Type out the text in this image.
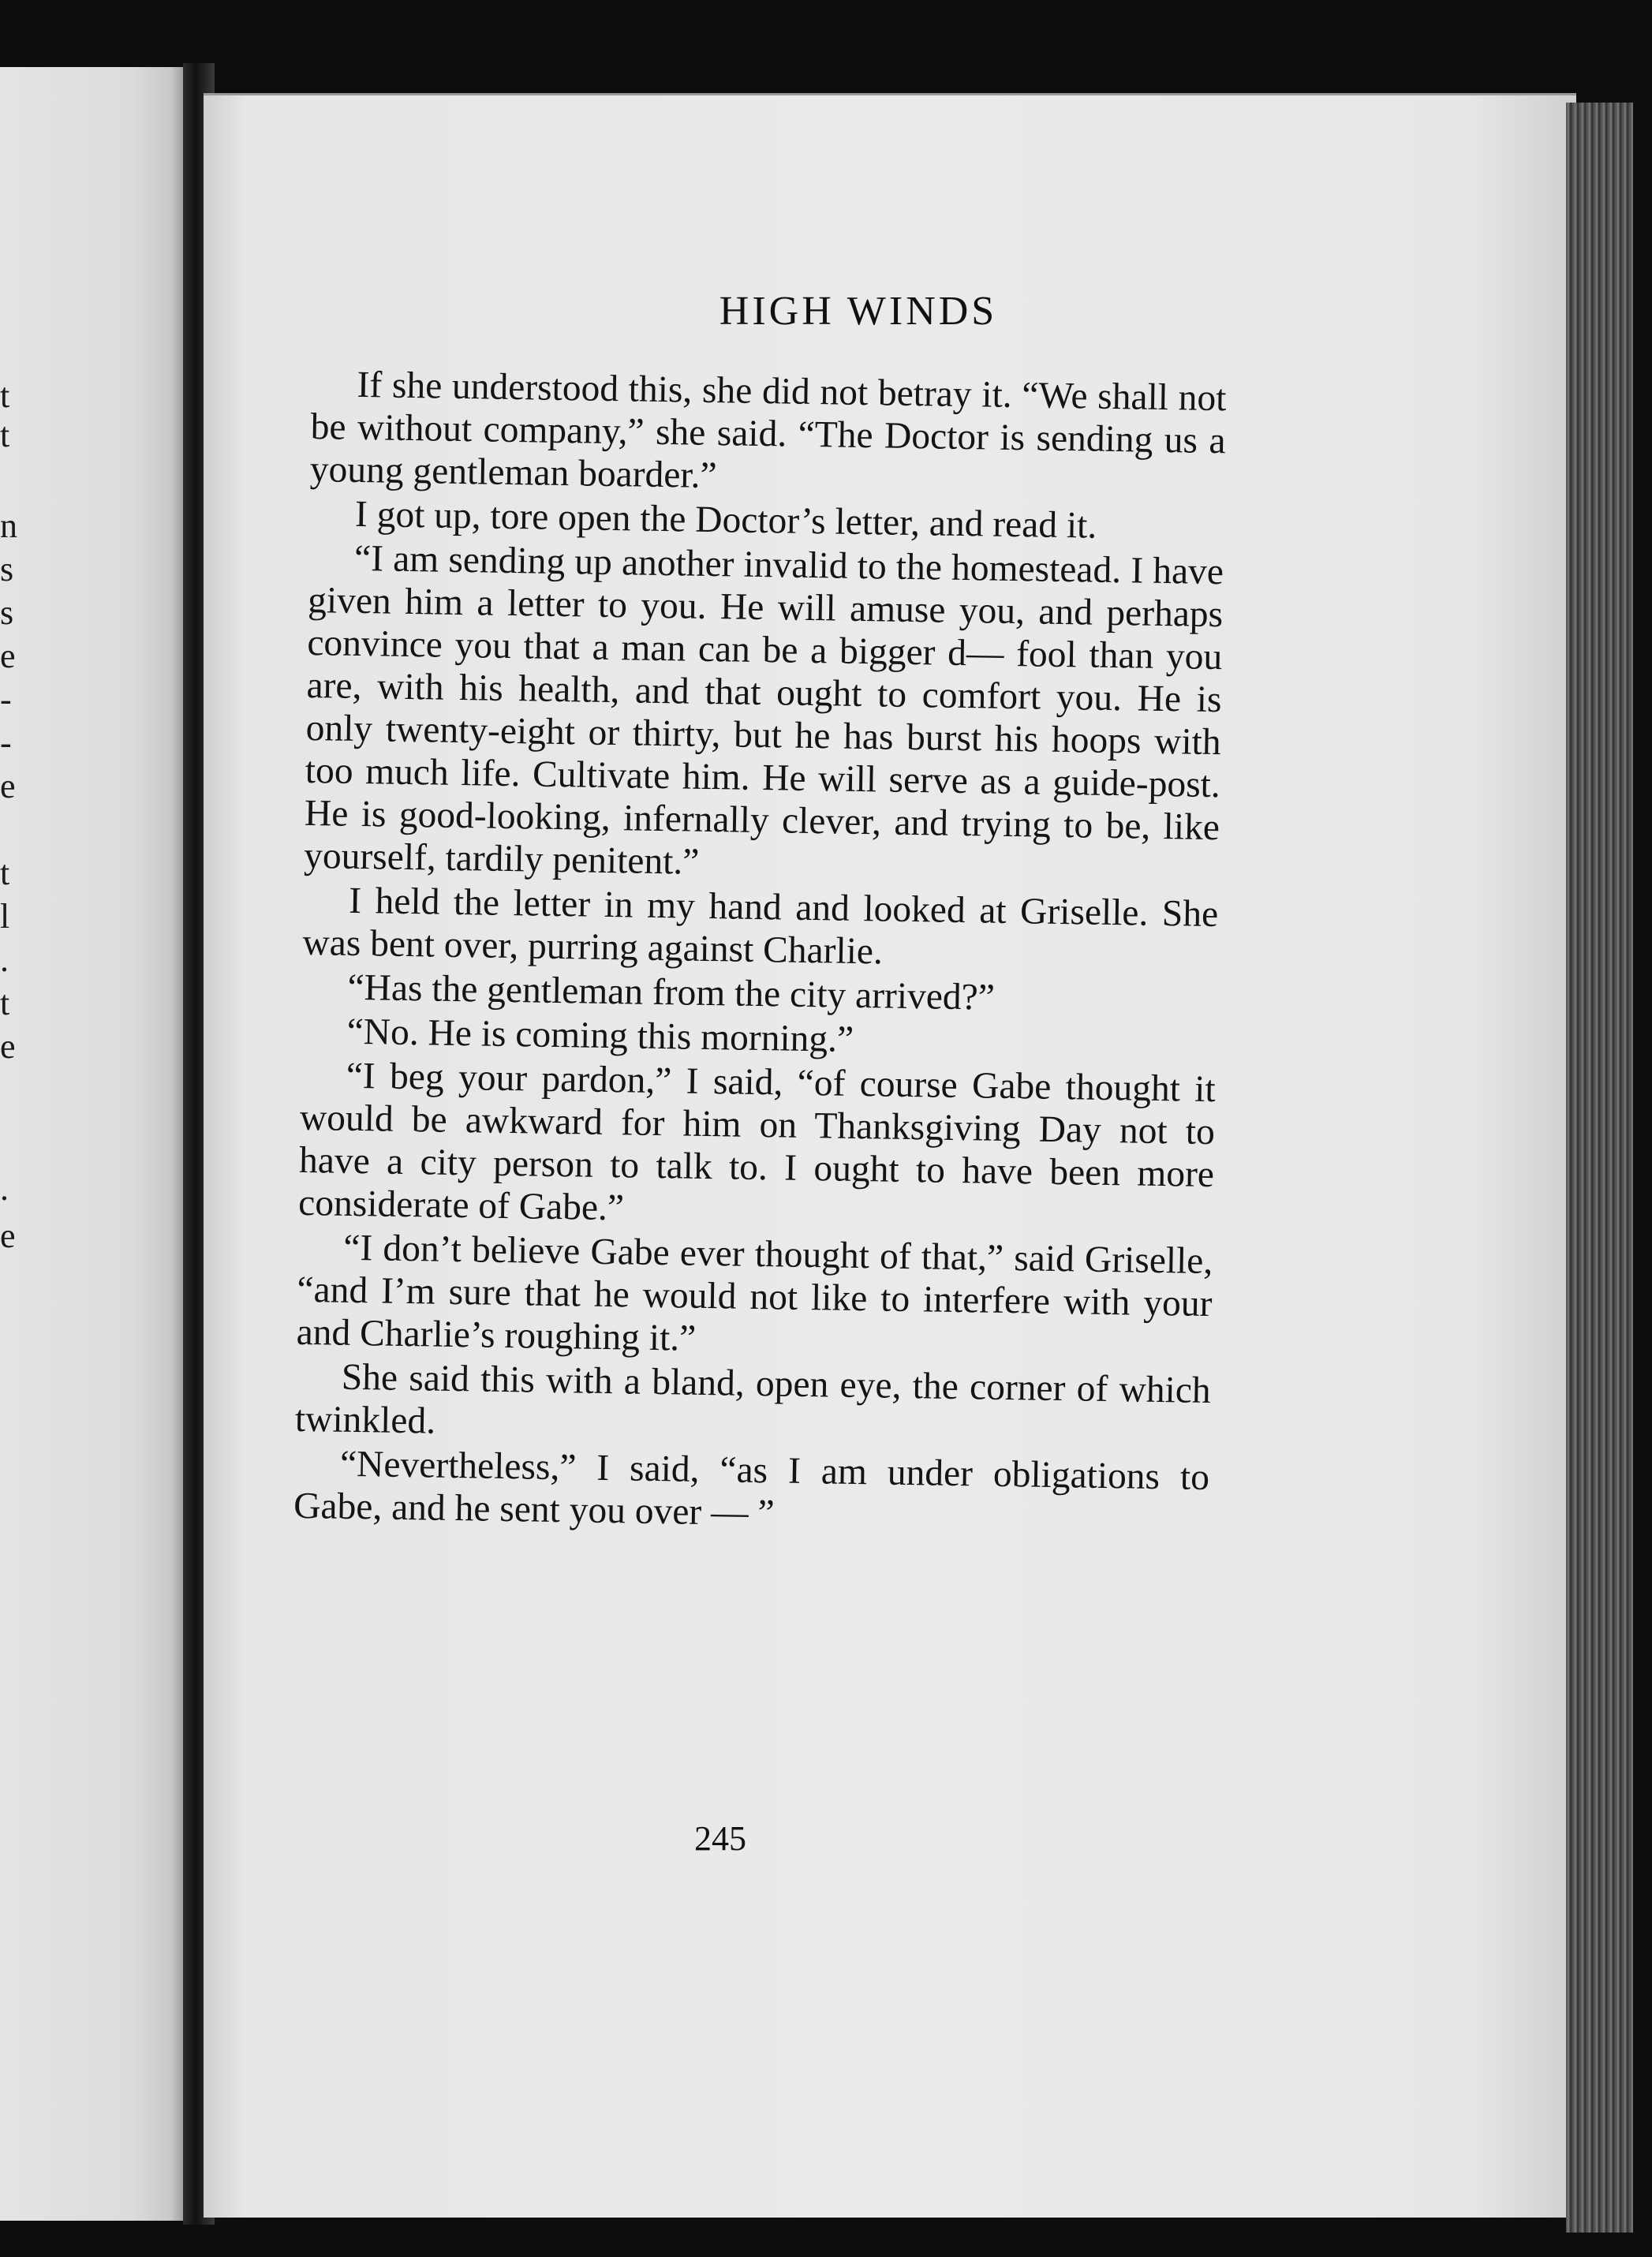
t
t
n
s
s
e
-
-
e
t
l
.
t
e
.
e
HIGH WINDS

If she understood this, she did not betray it. “We shall not be without company,” she said. “The Doctor is sending us a young gentleman boarder.”

I got up, tore open the Doctor’s letter, and read it.

“I am sending up another invalid to the homestead. I have given him a letter to you. He will amuse you, and perhaps convince you that a man can be a bigger d— fool than you are, with his health, and that ought to comfort you. He is only twenty-eight or thirty, but he has burst his hoops with too much life. Cultivate him. He will serve as a guide-post. He is good-looking, infernally clever, and trying to be, like yourself, tardily penitent.”

I held the letter in my hand and looked at Griselle. She was bent over, purring against Charlie.

“Has the gentleman from the city arrived?”

“No. He is coming this morning.”

“I beg your pardon,” I said, “of course Gabe thought it would be awkward for him on Thanksgiving Day not to have a city person to talk to. I ought to have been more considerate of Gabe.”

“I don’t believe Gabe ever thought of that,” said Griselle, “and I’m sure that he would not like to interfere with your and Charlie’s roughing it.”

She said this with a bland, open eye, the corner of which twinkled.

“Nevertheless,” I said, “as I am under obligations to Gabe, and he sent you over — ”

245
